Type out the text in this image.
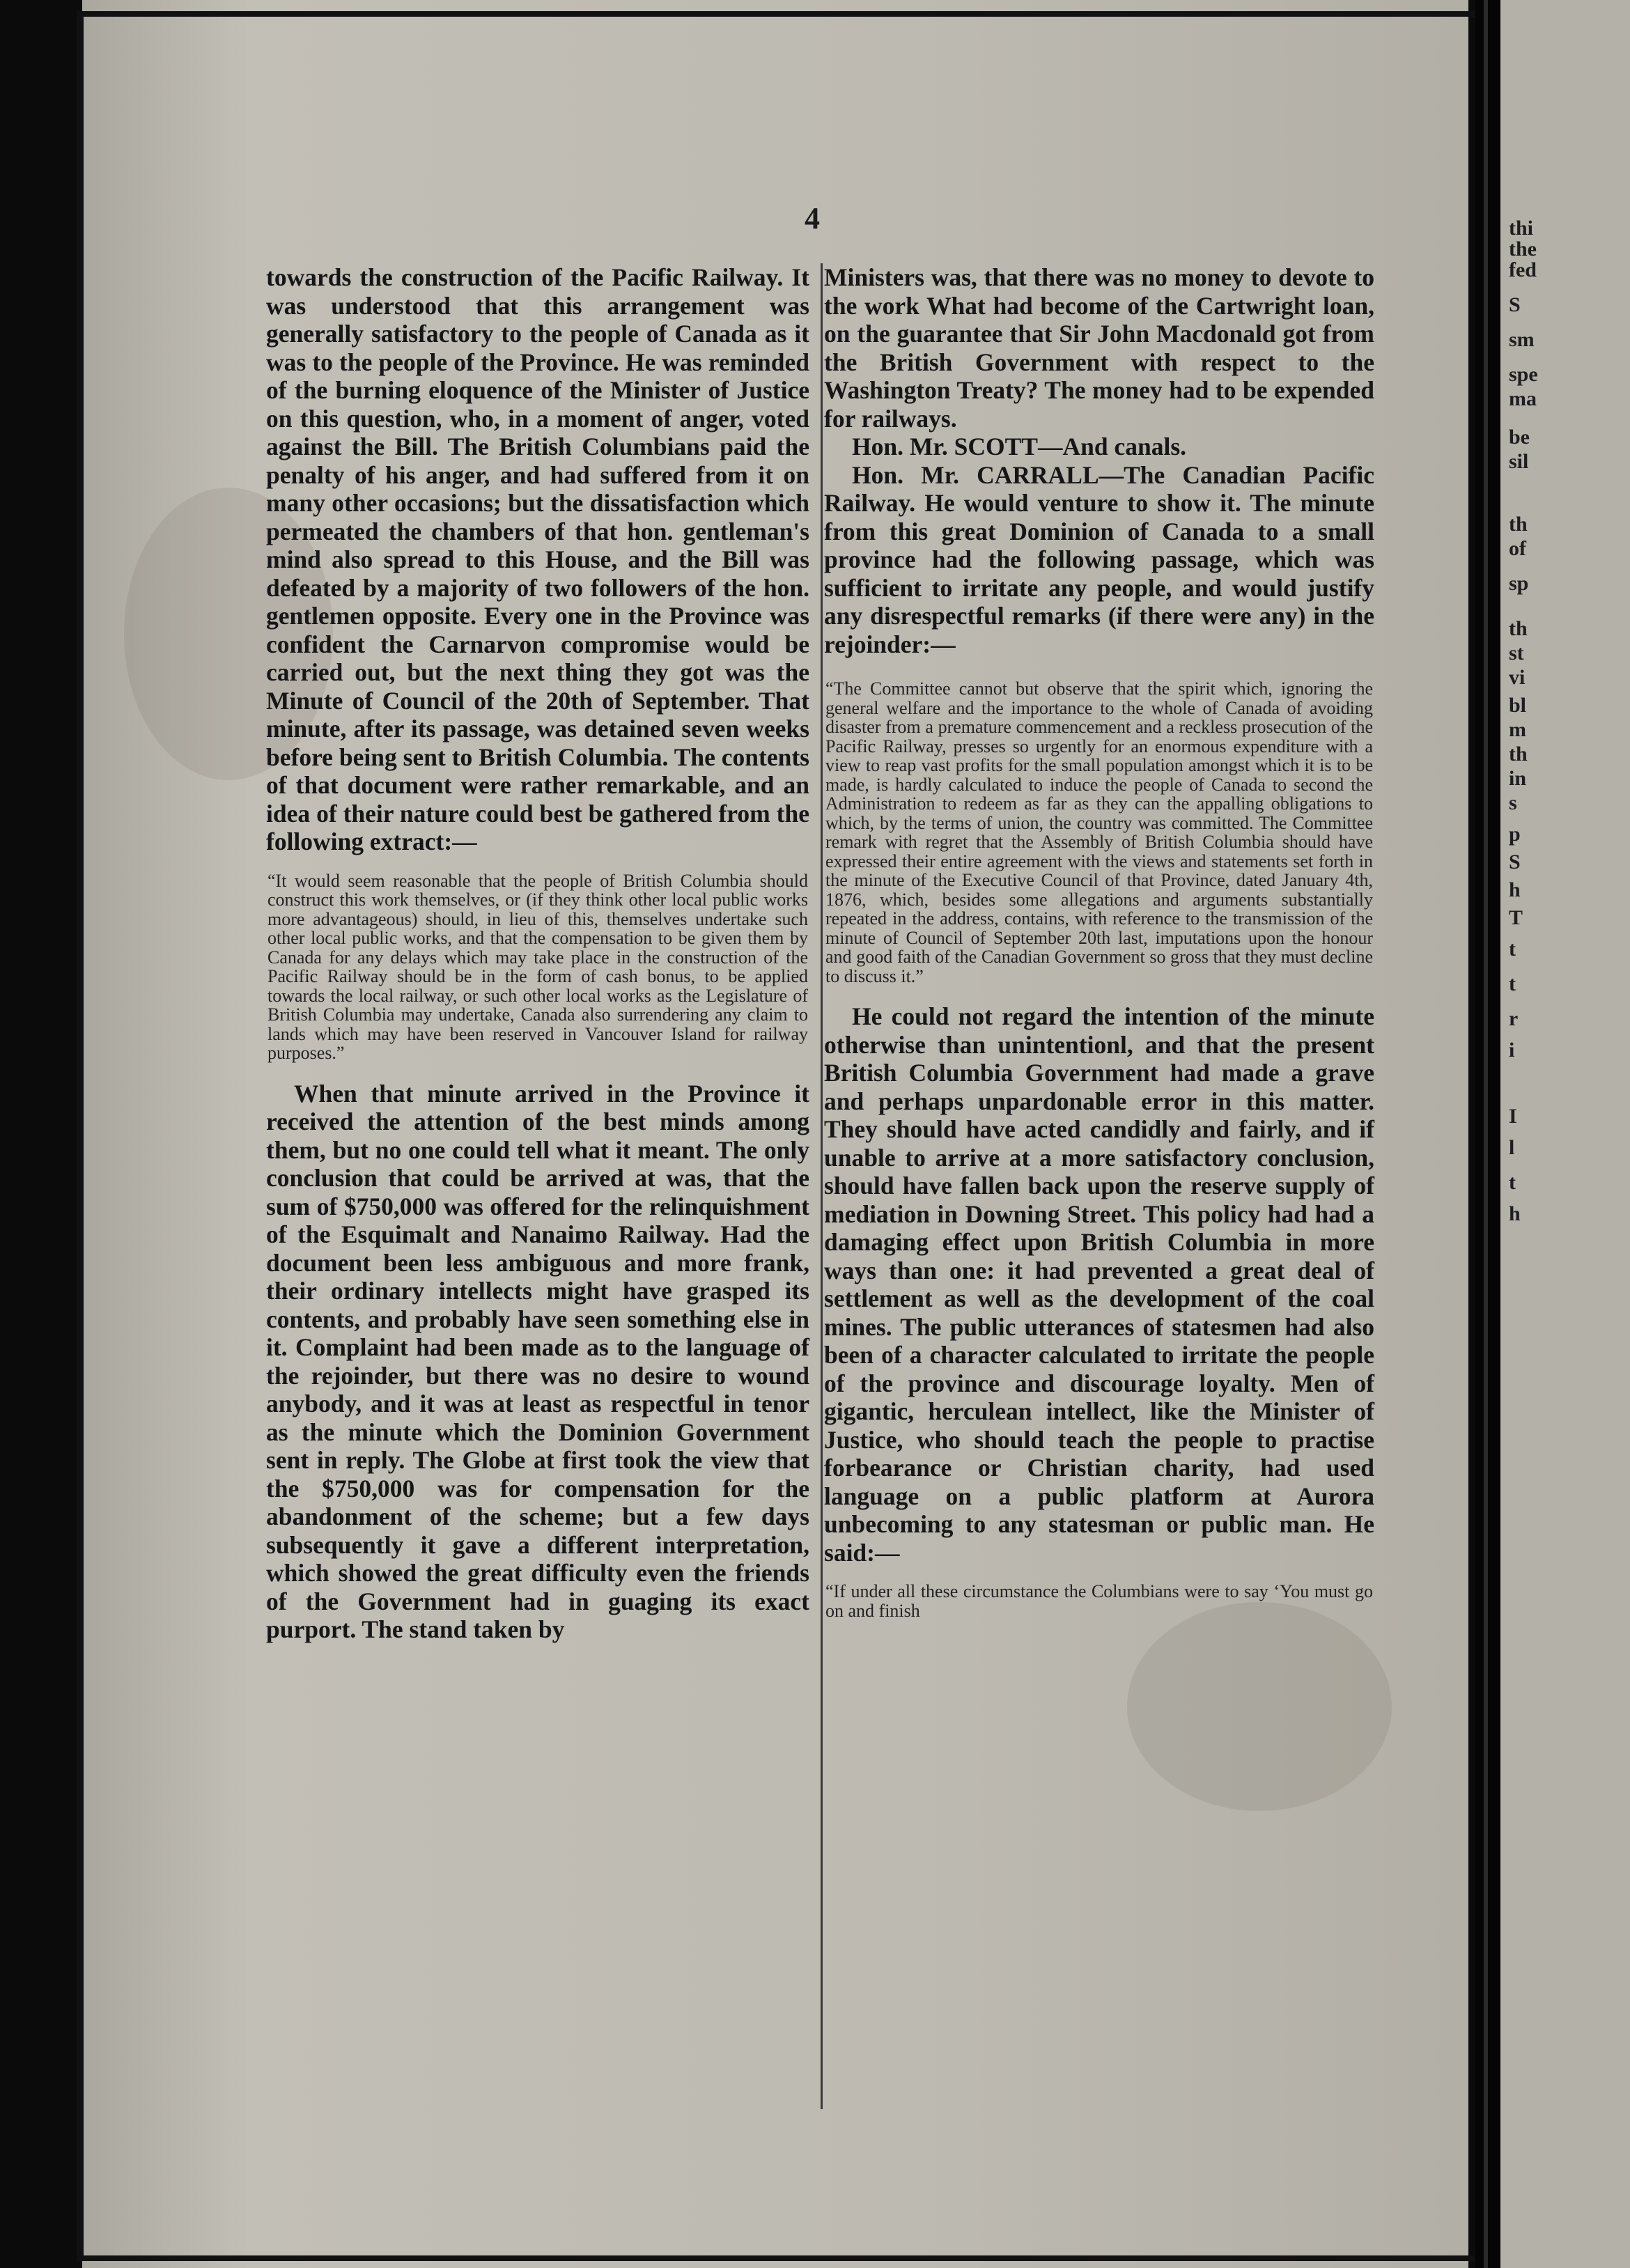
4

towards the construction of the Pacific Railway. It was understood that this arrangement was generally satisfactory to the people of Canada as it was to the people of the Province. He was reminded of the burning eloquence of the Minister of Justice on this question, who, in a moment of anger, voted against the Bill. The British Columbians paid the penalty of his anger, and had suffered from it on many other occasions; but the dissatisfaction which permeated the chambers of that hon. gentleman's mind also spread to this House, and the Bill was defeated by a majority of two followers of the hon. gentlemen opposite. Every one in the Province was confident the Carnarvon compromise would be carried out, but the next thing they got was the Minute of Council of the 20th of September. That minute, after its passage, was detained seven weeks before being sent to British Columbia. The contents of that document were rather remarkable, and an idea of their nature could best be gathered from the following extract:—

“It would seem reasonable that the people of British Columbia should construct this work themselves, or (if they think other local public works more advantageous) should, in lieu of this, themselves undertake such other local public works, and that the compensation to be given them by Canada for any delays which may take place in the construction of the Pacific Railway should be in the form of cash bonus, to be applied towards the local railway, or such other local works as the Legislature of British Columbia may undertake, Canada also surrendering any claim to lands which may have been reserved in Vancouver Island for railway purposes.”

When that minute arrived in the Province it received the attention of the best minds among them, but no one could tell what it meant. The only conclusion that could be arrived at was, that the sum of $750,000 was offered for the relinquishment of the Esquimalt and Nanaimo Railway. Had the document been less ambiguous and more frank, their ordinary intellects might have grasped its contents, and probably have seen something else in it. Complaint had been made as to the language of the rejoinder, but there was no desire to wound anybody, and it was at least as respectful in tenor as the minute which the Dominion Government sent in reply. The Globe at first took the view that the $750,000 was for compensation for the abandonment of the scheme; but a few days subsequently it gave a different interpretation, which showed the great difficulty even the friends of the Government had in guaging its exact purport. The stand taken by

Ministers was, that there was no money to devote to the work What had become of the Cartwright loan, on the guarantee that Sir John Macdonald got from the British Government with respect to the Washington Treaty? The money had to be expended for railways.

Hon. Mr. SCOTT—And canals.

Hon. Mr. CARRALL—The Canadian Pacific Railway. He would venture to show it. The minute from this great Dominion of Canada to a small province had the following passage, which was sufficient to irritate any people, and would justify any disrespectful remarks (if there were any) in the rejoinder:—

“The Committee cannot but observe that the spirit which, ignoring the general welfare and the importance to the whole of Canada of avoiding disaster from a premature commencement and a reckless prosecution of the Pacific Railway, presses so urgently for an enormous expenditure with a view to reap vast profits for the small population amongst which it is to be made, is hardly calculated to induce the people of Canada to second the Administration to redeem as far as they can the appalling obligations to which, by the terms of union, the country was committed. The Committee remark with regret that the Assembly of British Columbia should have expressed their entire agreement with the views and statements set forth in the minute of the Executive Council of that Province, dated January 4th, 1876, which, besides some allegations and arguments substantially repeated in the address, contains, with reference to the transmission of the minute of Council of September 20th last, imputations upon the honour and good faith of the Canadian Government so gross that they must decline to discuss it.”

He could not regard the intention of the minute otherwise than unintentionl, and that the present British Columbia Government had made a grave and perhaps unpardonable error in this matter. They should have acted candidly and fairly, and if unable to arrive at a more satisfactory conclusion, should have fallen back upon the reserve supply of mediation in Downing Street. This policy had had a damaging effect upon British Columbia in more ways than one: it had prevented a great deal of settlement as well as the development of the coal mines. The public utterances of statesmen had also been of a character calculated to irritate the people of the province and discourage loyalty. Men of gigantic, herculean intellect, like the Minister of Justice, who should teach the people to practise forbearance or Christian charity, had used language on a public platform at Aurora unbecoming to any statesman or public man. He said:—

“If under all these circumstance the Columbians were to say ‘You must go on and finish

thi
the
fed
S
sm
spe
ma
be
sil
th
of
sp
th
st
vi
bl
m
th
in
s
p
S
h
T
t
t
r
i
I
l
t
h
